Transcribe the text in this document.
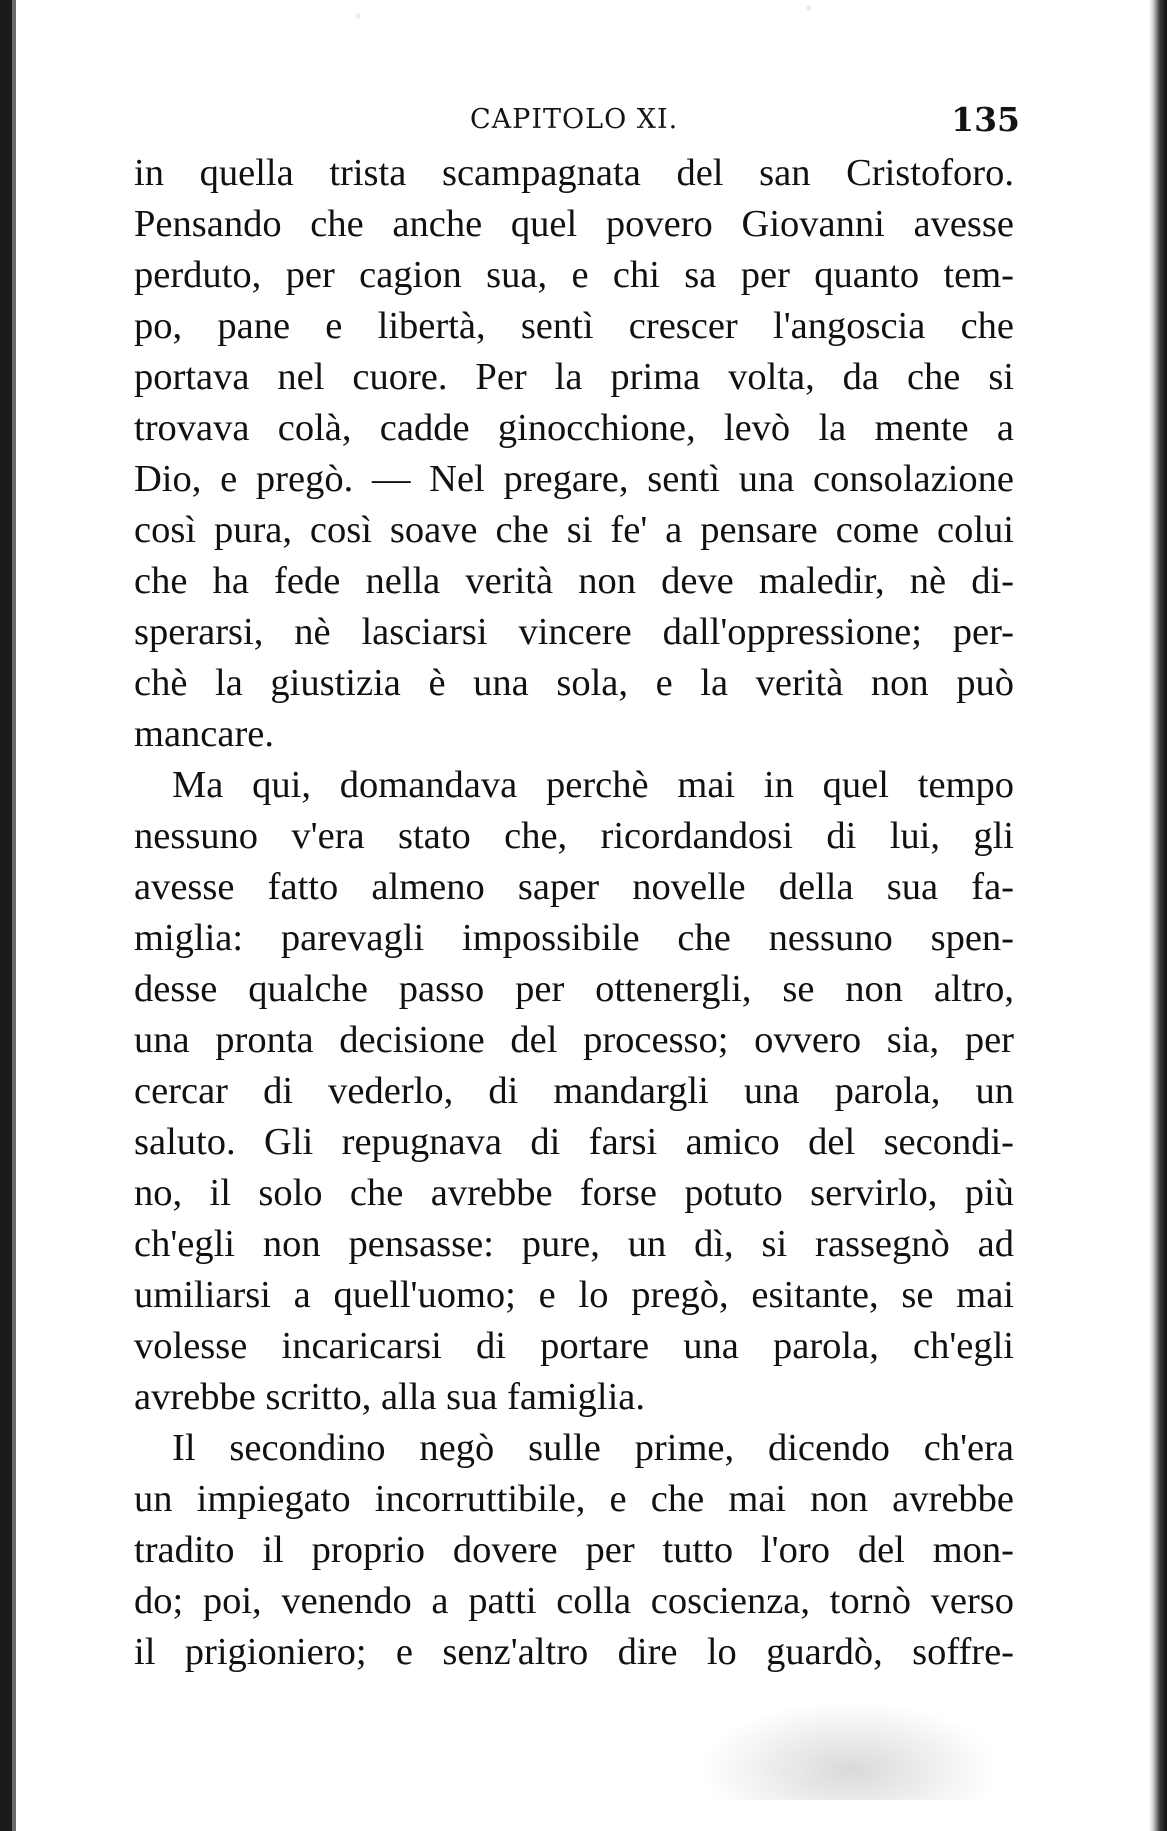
CAPITOLO XI.	135
in quella trista scampagnata del san Cristoforo.
Pensando che anche quel povero Giovanni avesse
perduto, per cagion sua, e chi sa per quanto tem-
po, pane e libertà, sentì crescer l'angoscia che
portava nel cuore. Per la prima volta, da che si
trovava colà, cadde ginocchione, levò la mente a
Dio, e pregò. — Nel pregare, sentì una consolazione
così pura, così soave che si fe' a pensare come colui
che ha fede nella verità non deve maledir, nè di-
sperarsi, nè lasciarsi vincere dall'oppressione; per-
chè la giustizia è una sola, e la verità non può
mancare.
Ma qui, domandava perchè mai in quel tempo
nessuno v'era stato che, ricordandosi di lui, gli
avesse fatto almeno saper novelle della sua fa-
miglia: parevagli impossibile che nessuno spen-
desse qualche passo per ottenergli, se non altro,
una pronta decisione del processo; ovvero sia, per
cercar di vederlo, di mandargli una parola, un
saluto. Gli repugnava di farsi amico del secondi-
no, il solo che avrebbe forse potuto servirlo, più
ch'egli non pensasse: pure, un dì, si rassegnò ad
umiliarsi a quell'uomo; e lo pregò, esitante, se mai
volesse incaricarsi di portare una parola, ch'egli
avrebbe scritto, alla sua famiglia.
Il secondino negò sulle prime, dicendo ch'era
un impiegato incorruttibile, e che mai non avrebbe
tradito il proprio dovere per tutto l'oro del mon-
do; poi, venendo a patti colla coscienza, tornò verso
il prigioniero; e senz'altro dire lo guardò, soffre-
